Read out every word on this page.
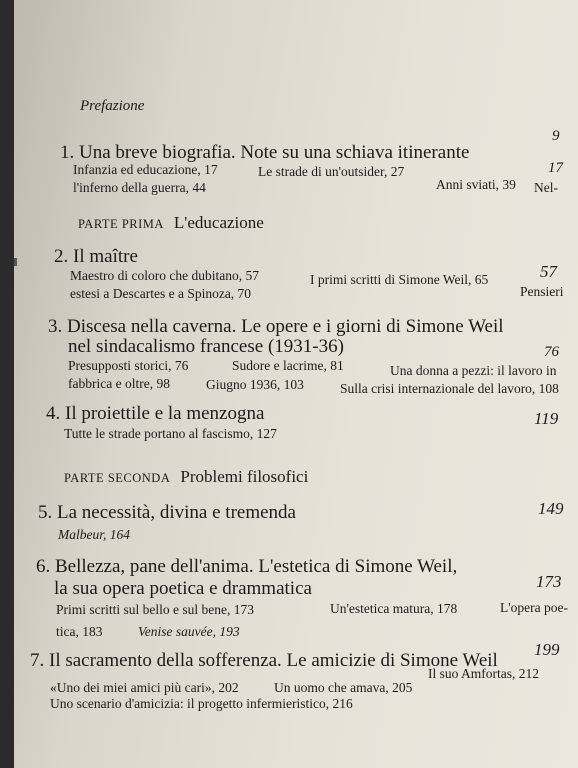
Prefazione
9
1. Una breve biografia. Note su una schiava itinerante
17
Infanzia ed educazione, 17	Le strade di un'outsider, 27
Anni sviati, 39 Nel-
l'inferno della guerra, 44
PARTE PRIMA L'educazione
2. Il maître
57
Maestro di coloro che dubitano, 57	I primi scritti di Simone Weil, 65
Pensieri
estesi a Descartes e a Spinoza, 70
3. Discesa nella caverna. Le opere e i giorni di Simone Weil
nel sindacalismo francese (1931-36)	76
Presupposti storici, 76	Sudore e lacrime, 81	Una donna a pezzi: il lavoro in
fabbrica e oltre, 98	Giugno 1936, 103	Sulla crisi internazionale del lavoro, 108
4. Il proiettile e la menzogna	119
Tutte le strade portano al fascismo, 127
PARTE SECONDA Problemi filosofici
5. La necessità, divina e tremenda	149
Malbeur, 164
6. Bellezza, pane dell'anima. L'estetica di Simone Weil,
la sua opera poetica e drammatica	173
Primi scritti sul bello e sul bene, 173	Un'estetica matura, 178	L'opera poe-
tica, 183	Venise sauvée, 193
7. Il sacramento della sofferenza. Le amicizie di Simone Weil
199
«Uno dei miei amici più cari», 202	Un uomo che amava, 205
Il suo Amfortas, 212
Uno scenario d'amicizia: il progetto infermieristico, 216
